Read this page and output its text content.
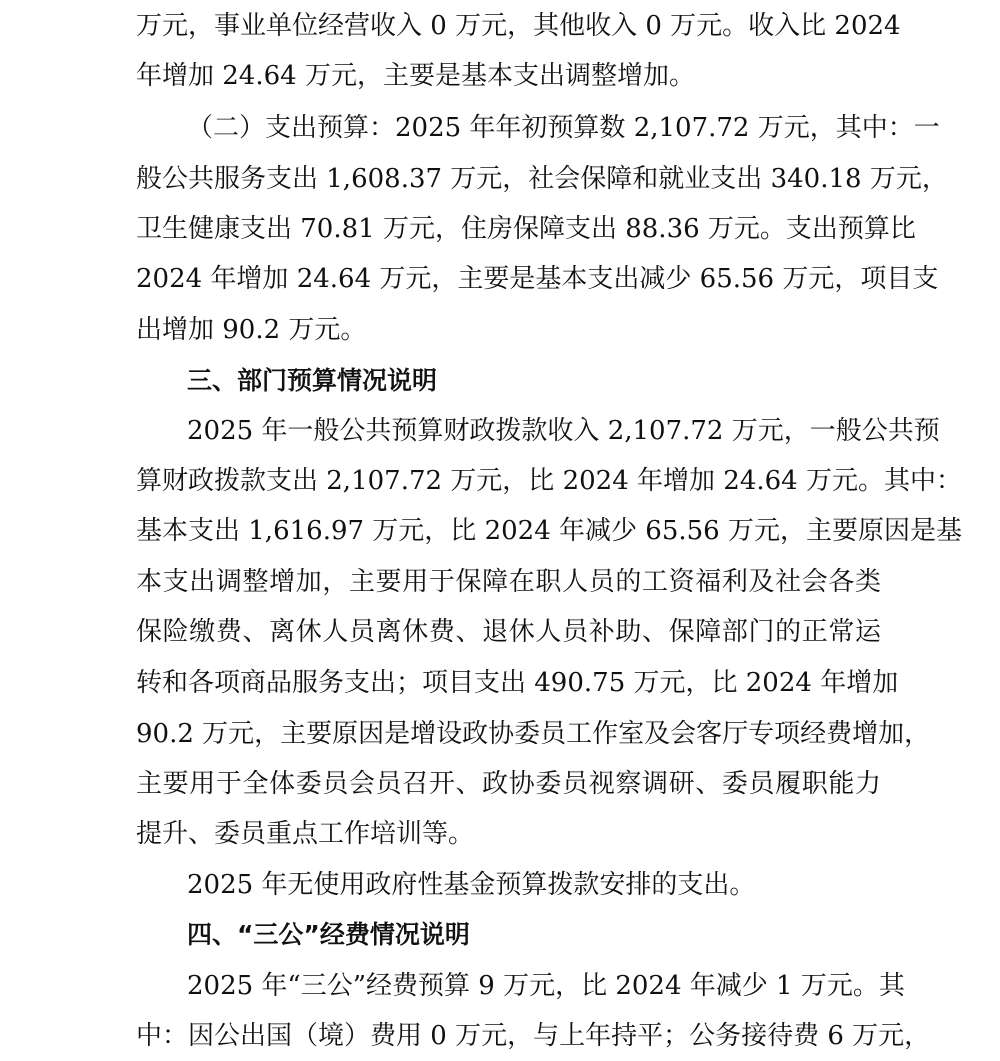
万元，事业单位经营收入 0 万元，其他收入 0 万元。收入比 2024
年增加 24.64 万元，主要是基本支出调整增加。
（二）支出预算：2025 年年初预算数 2,107.72 万元，其中：一
般公共服务支出 1,608.37 万元，社会保障和就业支出 340.18 万元，
卫生健康支出 70.81 万元，住房保障支出 88.36 万元。支出预算比
2024 年增加 24.64 万元，主要是基本支出减少 65.56 万元，项目支
出增加 90.2 万元。
三、部门预算情况说明
2025 年一般公共预算财政拨款收入 2,107.72 万元，一般公共预
算财政拨款支出 2,107.72 万元，比 2024 年增加 24.64 万元。其中：
基本支出 1,616.97 万元，比 2024 年减少 65.56 万元，主要原因是基
本支出调整增加，主要用于保障在职人员的工资福利及社会各类
保险缴费、离休人员离休费、退休人员补助、保障部门的正常运
转和各项商品服务支出；项目支出 490.75 万元，比 2024 年增加
90.2 万元，主要原因是增设政协委员工作室及会客厅专项经费增加，
主要用于全体委员会员召开、政协委员视察调研、委员履职能力
提升、委员重点工作培训等。
2025 年无使用政府性基金预算拨款安排的支出。
四、“三公”经费情况说明
2025 年“三公”经费预算 9 万元，比 2024 年减少 1 万元。其
中：因公出国（境）费用 0 万元，与上年持平；公务接待费 6 万元，
